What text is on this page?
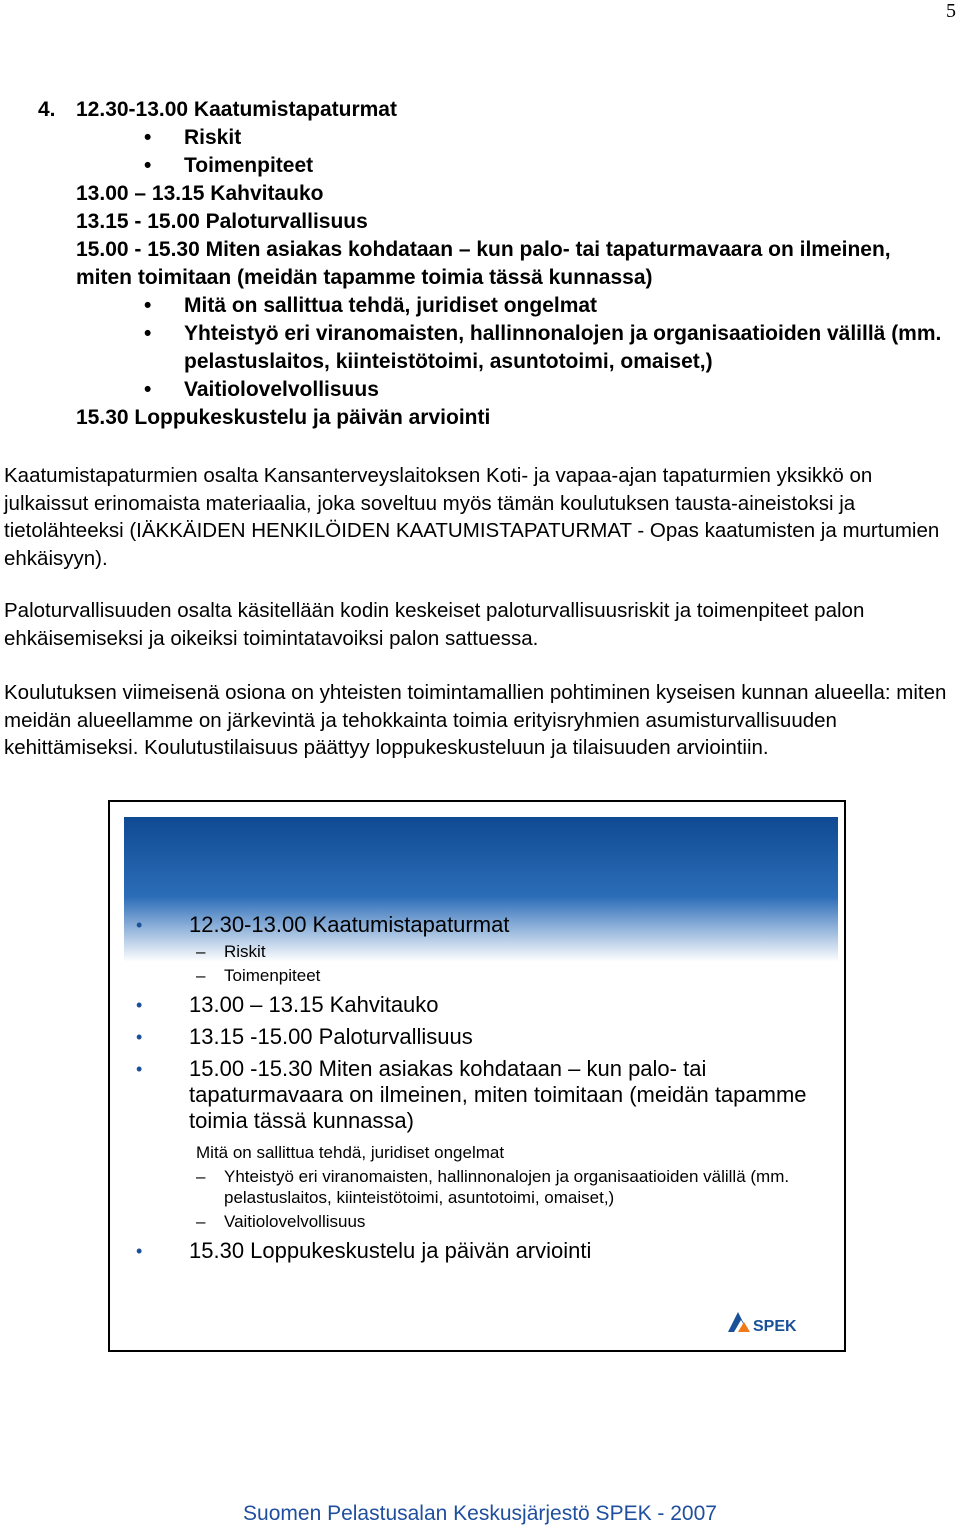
5
4. 12.30-13.00 Kaatumistapaturmat
•	Riskit
•	Toimenpiteet
13.00 – 13.15 Kahvitauko
13.15 - 15.00 Paloturvallisuus
15.00 - 15.30 Miten asiakas kohdataan – kun palo- tai tapaturmavaara on ilmeinen, miten toimitaan (meidän tapamme toimia tässä kunnassa)
•	Mitä on sallittua tehdä, juridiset ongelmat
•	Yhteistyö eri viranomaisten, hallinnonalojen ja organisaatioiden välillä (mm. pelastuslaitos, kiinteistötoimi, asuntotoimi, omaiset,)
•	Vaitiolovelvollisuus
15.30 Loppukeskustelu ja päivän arviointi
Kaatumistapaturmien osalta Kansanterveyslaitoksen Koti- ja vapaa-ajan tapaturmien yksikkö on julkaissut erinomaista materiaalia, joka soveltuu myös tämän koulutuksen tausta-aineistoksi ja tietolähteeksi (IÄKKÄIDEN HENKILÖIDEN KAATUMISTAPATURMAT - Opas kaatumisten ja murtumien ehkäisyyn).
Paloturvallisuuden osalta käsitellään kodin keskeiset paloturvallisuusriskit ja toimenpiteet palon ehkäisemiseksi ja oikeiksi toimintatavoiksi palon sattuessa.
Koulutuksen viimeisenä osiona on yhteisten toimintamallien pohtiminen kyseisen kunnan alueella: miten meidän alueellamme on järkevintä ja tehokkainta toimia erityisryhmien asumisturvallisuuden kehittämiseksi. Koulutustilaisuus päättyy loppukeskusteluun ja tilaisuuden arviointiin.
•	12.30-13.00 Kaatumistapaturmat
–	Riskit
–	Toimenpiteet
•	13.00 – 13.15 Kahvitauko
•	13.15 -15.00 Paloturvallisuus
•	15.00 -15.30 Miten asiakas kohdataan – kun palo- tai tapaturmavaara on ilmeinen, miten toimitaan (meidän tapamme toimia tässä kunnassa)
Mitä on sallittua tehdä, juridiset ongelmat
–	Yhteistyö eri viranomaisten, hallinnonalojen ja organisaatioiden välillä (mm. pelastuslaitos, kiinteistötoimi, asuntotoimi, omaiset,)
–	Vaitiolovelvollisuus
•	15.30 Loppukeskustelu ja päivän arviointi
SPEK
Suomen Pelastusalan Keskusjärjestö SPEK - 2007
